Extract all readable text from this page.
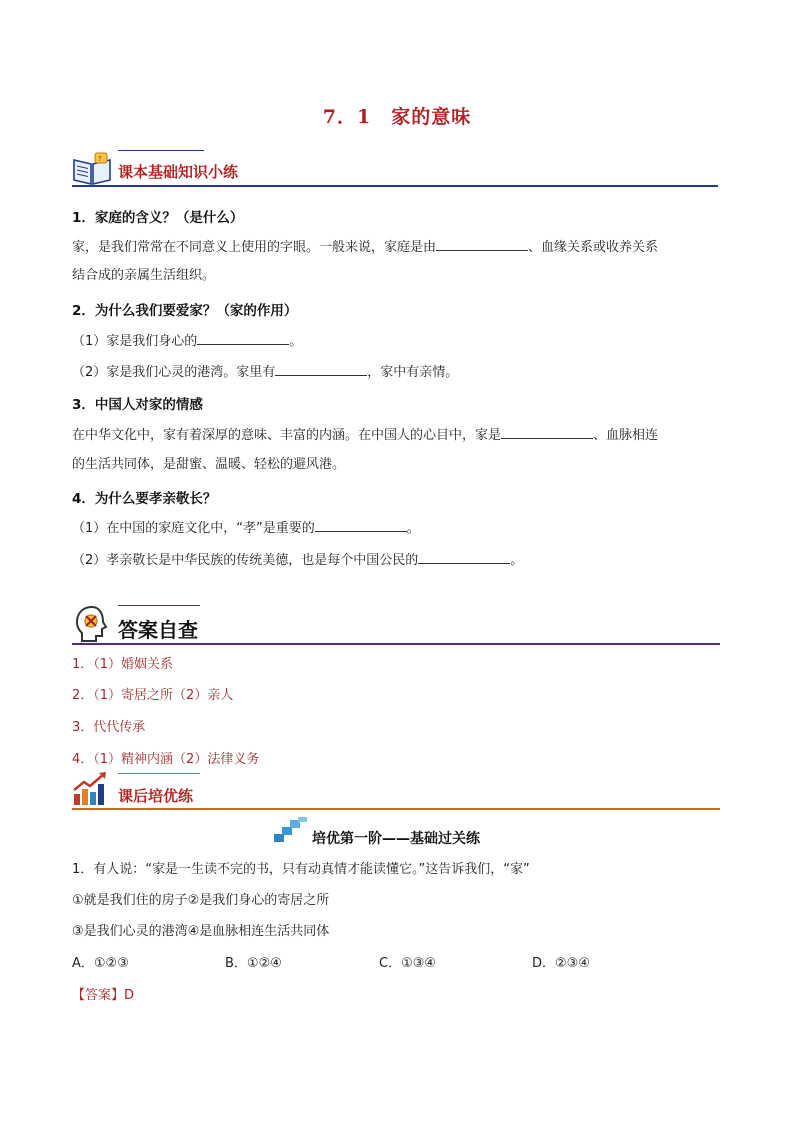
7．1　家的意味
?
课本基础知识小练
1．家庭的含义？（是什么）
家，是我们常常在不同意义上使用的字眼。一般来说，家庭是由	、血缘关系或收养关系
结合成的亲属生活组织。
2．为什么我们要爱家？（家的作用）
（1）家是我们身心的	。
（2）家是我们心灵的港湾。家里有	，家中有亲情。
3．中国人对家的情感
在中华文化中，家有着深厚的意味、丰富的内涵。在中国人的心目中，家是	、血脉相连
的生活共同体，是甜蜜、温暖、轻松的避风港。
4．为什么要孝亲敬长？
（1）在中国的家庭文化中，“孝”是重要的	。
（2）孝亲敬长是中华民族的传统美德，也是每个中国公民的	。
答案自查
1．（1）婚姻关系
2．（1）寄居之所（2）亲人
3．代代传承
4．（1）精神内涵（2）法律义务
课后培优练
培优第一阶——基础过关练
1．有人说：“家是一生读不完的书，只有动真情才能读懂它。”这告诉我们，“家”
①就是我们住的房子②是我们身心的寄居之所
③是我们心灵的港湾④是血脉相连生活共同体
A．①②③	B．①②④	C．①③④	D．②③④
【答案】D
